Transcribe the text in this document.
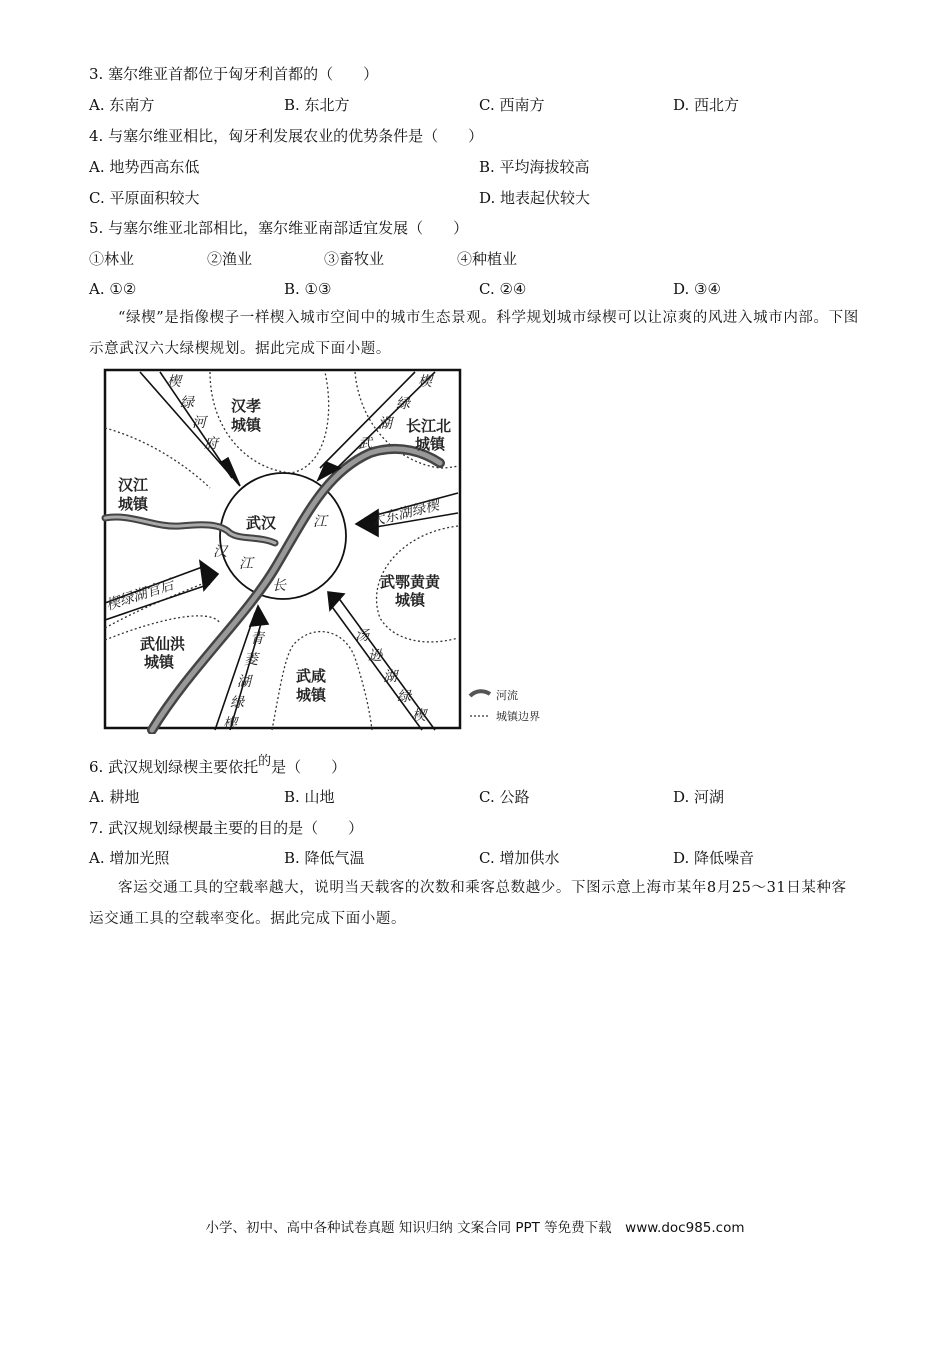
3. 塞尔维亚首都位于匈牙利首都的（　　）
A. 东南方	B. 东北方	C. 西南方	D. 西北方
4. 与塞尔维亚相比，匈牙利发展农业的优势条件是（　　）
A. 地势西高东低	B. 平均海拔较高
C. 平原面积较大	D. 地表起伏较大
5. 与塞尔维亚北部相比，塞尔维亚南部适宜发展（　　）
①林业	②渔业	③畜牧业	④种植业
A. ①②	B. ①③	C. ②④	D. ③④
“绿楔”是指像楔子一样楔入城市空间中的城市生态景观。科学规划城市绿楔可以让凉爽的风进入城市内部。下图示意武汉六大绿楔规划。据此完成下面小题。
汉孝
城镇	长江北
城镇
汉江
城镇
武汉
武鄂黄黄
城镇
武仙洪
城镇
武咸
城镇
楔
绿
河
府
楔
绿
湖
武
大东湖绿楔
楔绿湖官后
青
菱
湖
绿
楔
汤
逊
湖
绿
楔
江
汉
江
长
河流
城镇边界
6. 武汉规划绿楔主要依托的是（　　）
A. 耕地	B. 山地	C. 公路	D. 河湖
7. 武汉规划绿楔最主要的目的是（　　）
A. 增加光照	B. 降低气温	C. 增加供水	D. 降低噪音
客运交通工具的空载率越大，说明当天载客的次数和乘客总数越少。下图示意上海市某年8月25～31日某种客运交通工具的空载率变化。据此完成下面小题。
小学、初中、高中各种试卷真题 知识归纳 文案合同 PPT 等免费下载　www.doc985.com
